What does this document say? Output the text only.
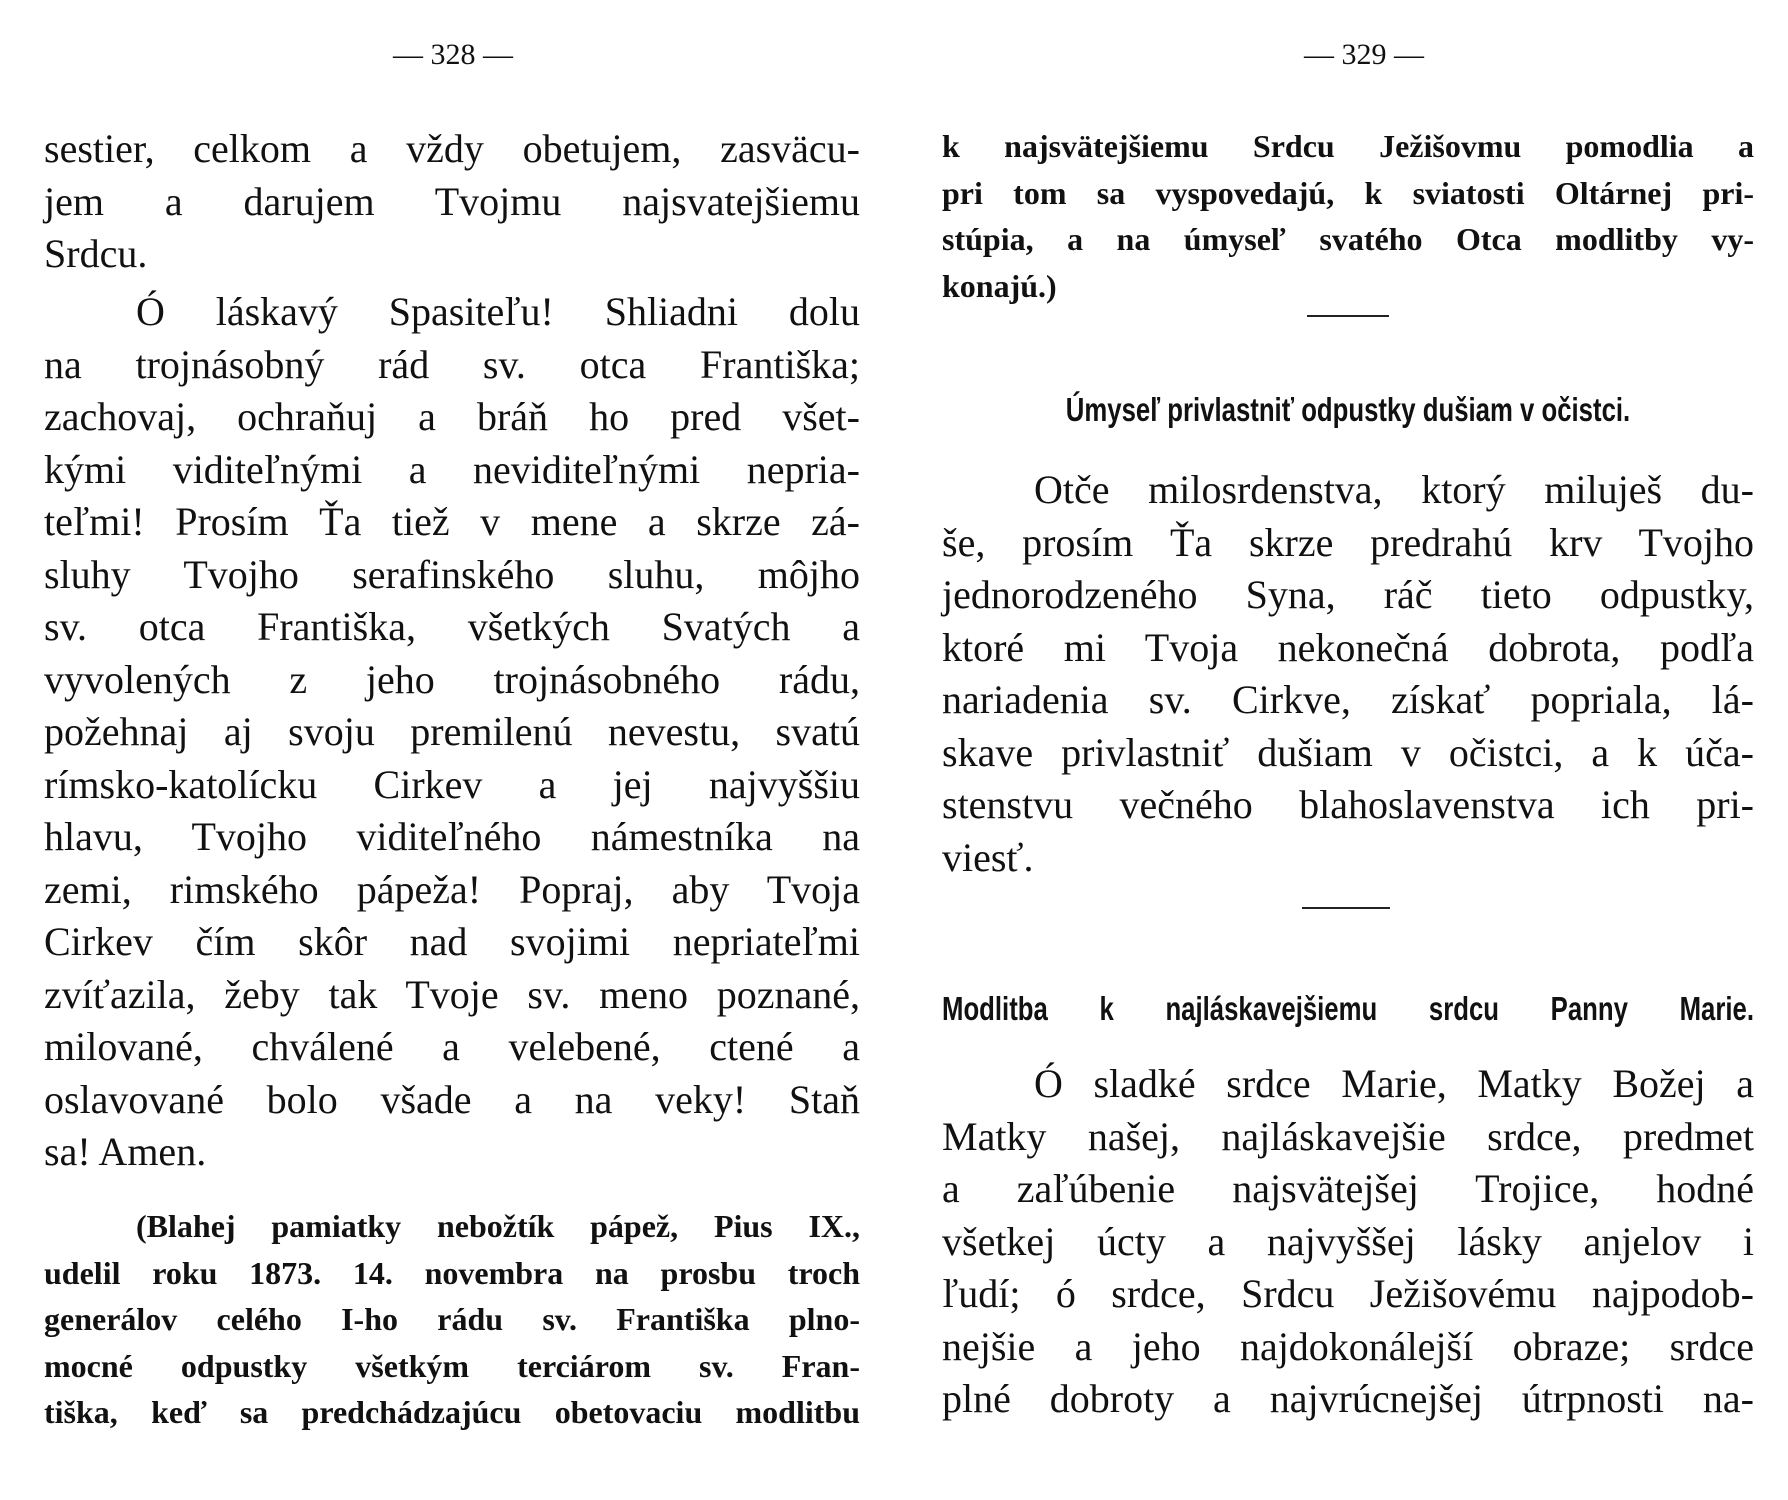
— 328 —
sestier, celkom a vždy obetujem, zasväcu-
jem a darujem Tvojmu najsvatejšiemu
Srdcu.
Ó láskavý Spasiteľu! Shliadni dolu
na trojnásobný rád sv. otca Františka;
zachovaj, ochraňuj a bráň ho pred všet-
kými viditeľnými a neviditeľnými nepria-
teľmi! Prosím Ťa tiež v mene a skrze zá-
sluhy Tvojho serafinského sluhu, môjho
sv. otca Františka, všetkých Svatých a
vyvolených z jeho trojnásobného rádu,
požehnaj aj svoju premilenú nevestu, svatú
rímsko-katolícku Cirkev a jej najvyššiu
hlavu, Tvojho viditeľného námestníka na
zemi, rimského pápeža! Popraj, aby Tvoja
Cirkev čím skôr nad svojimi nepriateľmi
zvíťazila, žeby tak Tvoje sv. meno poznané,
milované, chválené a velebené, ctené a
oslavované bolo všade a na veky! Staň
sa! Amen.
(Blahej pamiatky nebožtík pápež, Pius IX.,
udelil roku 1873. 14. novembra na prosbu troch
generálov celého I-ho rádu sv. Františka plno-
mocné odpustky všetkým terciárom sv. Fran-
tiška, keď sa predchádzajúcu obetovaciu modlitbu
— 329 —
k najsvätejšiemu Srdcu Ježišovmu pomodlia a
pri tom sa vyspovedajú, k sviatosti Oltárnej pri-
stúpia, a na úmyseľ svatého Otca modlitby vy-
konajú.)
Úmyseľ privlastniť odpustky dušiam v očistci.
Otče milosrdenstva, ktorý miluješ du-
še, prosím Ťa skrze predrahú krv Tvojho
jednorodzeného Syna, ráč tieto odpustky,
ktoré mi Tvoja nekonečná dobrota, podľa
nariadenia sv. Cirkve, získať popriala, lá-
skave privlastniť dušiam v očistci, a k úča-
stenstvu večného blahoslavenstva ich pri-
viesť.
Modlitba k najláskavejšiemu srdcu Panny Marie.
Ó sladké srdce Marie, Matky Božej a
Matky našej, najláskavejšie srdce, predmet
a zaľúbenie najsvätejšej Trojice, hodné
všetkej úcty a najvyššej lásky anjelov i
ľudí; ó srdce, Srdcu Ježišovému najpodob-
nejšie a jeho najdokonálejší obraze; srdce
plné dobroty a najvrúcnejšej útrpnosti na-
